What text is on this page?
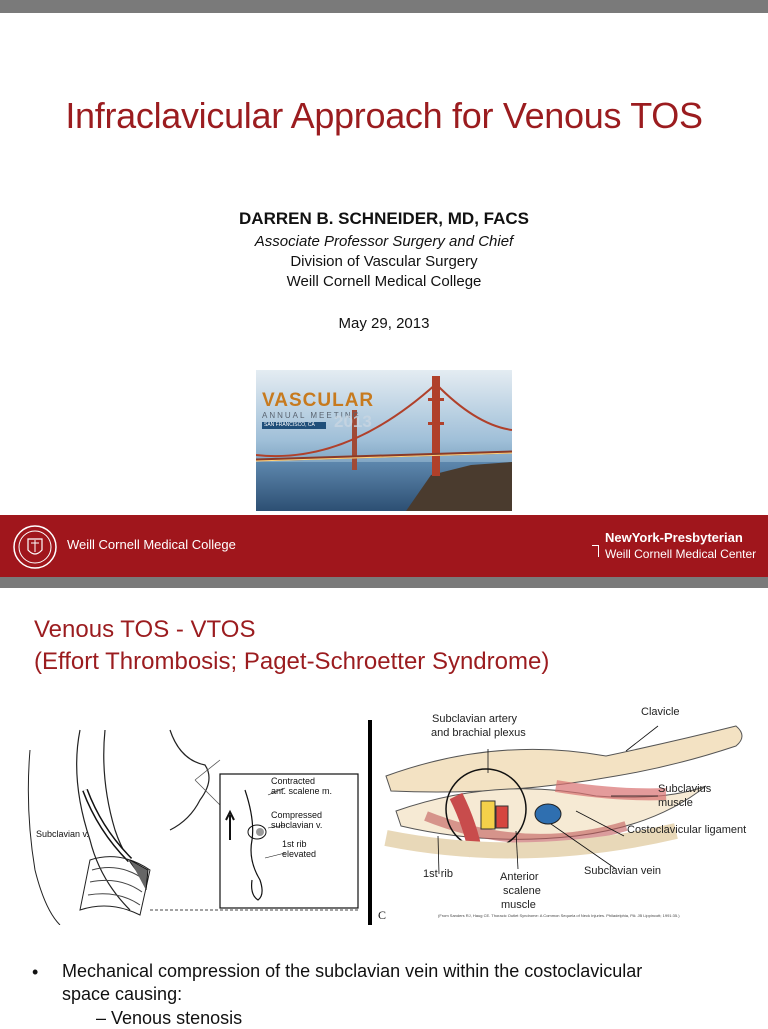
Infraclavicular Approach for Venous TOS
DARREN B. SCHNEIDER, MD, FACS
Associate Professor Surgery and Chief
Division of Vascular Surgery
Weill Cornell Medical College
May 29, 2013
VASCULAR
ANNUAL MEETING
2013
SAN FRANCISCO, CA
Weill Cornell Medical College	NewYork-Presbyterian
Weill Cornell Medical Center
Venous TOS - VTOS
(Effort Thrombosis; Paget-Schroetter Syndrome)
Subclavian v.
Contracted
ant. scalene m.
Compressed
subclavian v.
1st rib
elevated
C
Subclavian artery
and brachial plexus
Clavicle
Subclavius
muscle
Costoclavicular ligament
1st rib	Anterior
scalene
muscle
Subclavian vein
(From Sanders RJ, Haug CE. Thoracic Outlet Syndrome: A Common Sequela of Neck Injuries. Philadelphia, PA: JB Lippincott; 1991:35.)
• Mechanical compression of the subclavian vein within the costoclavicular space causing:
– Venous stenosis
